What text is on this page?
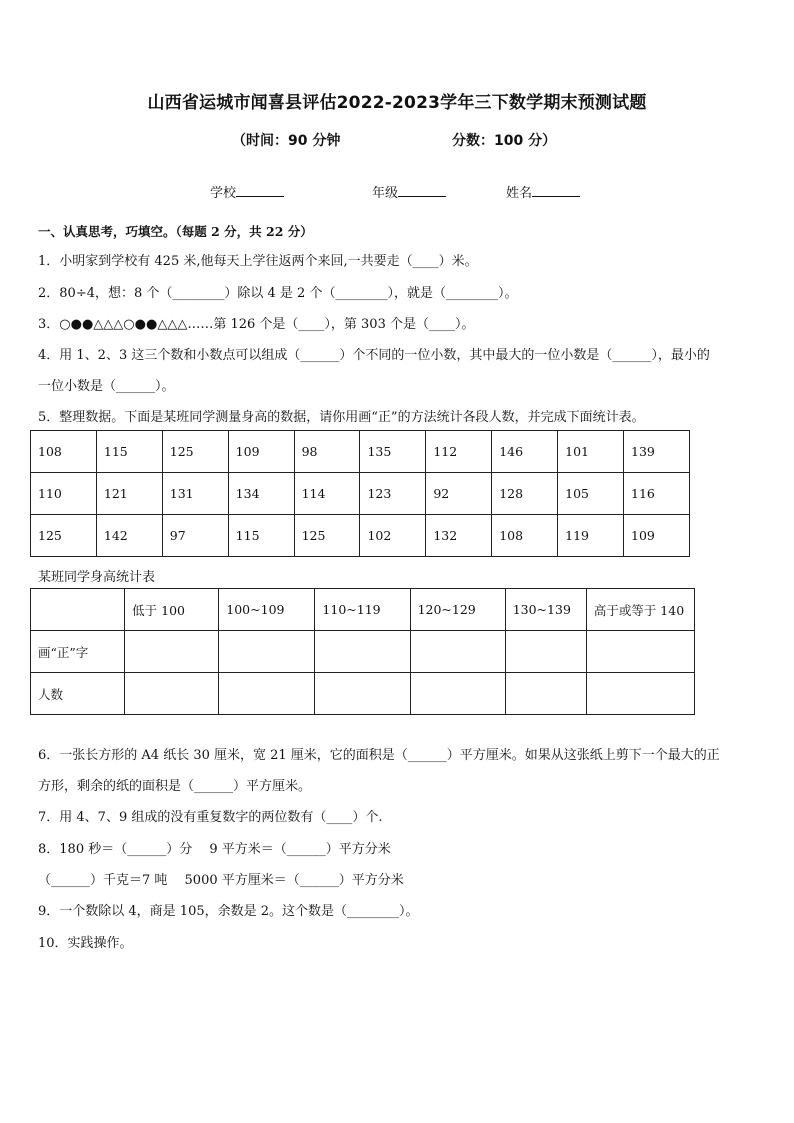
山西省运城市闻喜县评估2022-2023学年三下数学期末预测试题
（时间：90 分钟	分数：100 分）
学校	年级	姓名
一、认真思考，巧填空。（每题 2 分，共 22 分）
1．小明家到学校有 425 米,他每天上学往返两个来回,一共要走（____）米。
2．80÷4，想：8 个（________）除以 4 是 2 个（________），就是（________）。
3．○●●△△△○●●△△△……第 126 个是（____），第 303 个是（____）。
4．用 1、2、3 这三个数和小数点可以组成（______）个不同的一位小数，其中最大的一位小数是（______），最小的
一位小数是（______）。
5．整理数据。下面是某班同学测量身高的数据，请你用画“正”的方法统计各段人数，并完成下面统计表。
108	115	125	109	98	135	112	146	101	139
110	121	131	134	114	123	92	128	105	116
125	142	97	115	125	102	132	108	119	109
某班同学身高统计表
	低于 100	100~109	110~119	120~129	130~139	高于或等于 140
画“正”字						
人数						
6．一张长方形的 A4 纸长 30 厘米，宽 21 厘米，它的面积是（______）平方厘米。如果从这张纸上剪下一个最大的正
方形，剩余的纸的面积是（______）平方厘米。
7．用 4、7、9 组成的没有重复数字的两位数有（____）个.
8．180 秒＝（______）分　 9 平方米＝（______）平方分米
（______）千克＝7 吨　 5000 平方厘米＝（______）平方分米
9．一个数除以 4，商是 105，余数是 2。这个数是（________）。
10．实践操作。
